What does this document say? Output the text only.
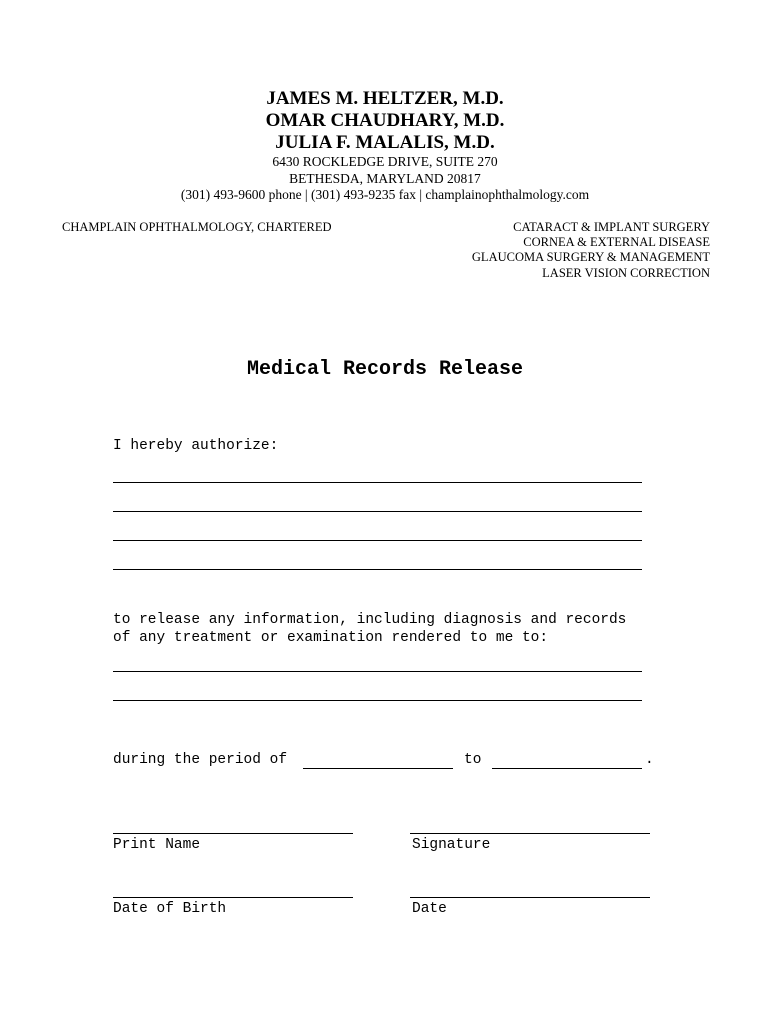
JAMES M. HELTZER, M.D.
OMAR CHAUDHARY, M.D.
JULIA F. MALALIS, M.D.
6430 ROCKLEDGE DRIVE, SUITE 270
BETHESDA, MARYLAND 20817
(301) 493-9600 phone | (301) 493-9235 fax | champlainophthalmology.com
CHAMPLAIN OPHTHALMOLOGY, CHARTERED	CATARACT & IMPLANT SURGERY
CORNEA & EXTERNAL DISEASE
GLAUCOMA SURGERY & MANAGEMENT
LASER VISION CORRECTION
Medical Records Release
I hereby authorize:
to release any information, including diagnosis and records
of any treatment or examination rendered to me to:
during the period of	to	.
Print Name	Signature
Date of Birth	Date
